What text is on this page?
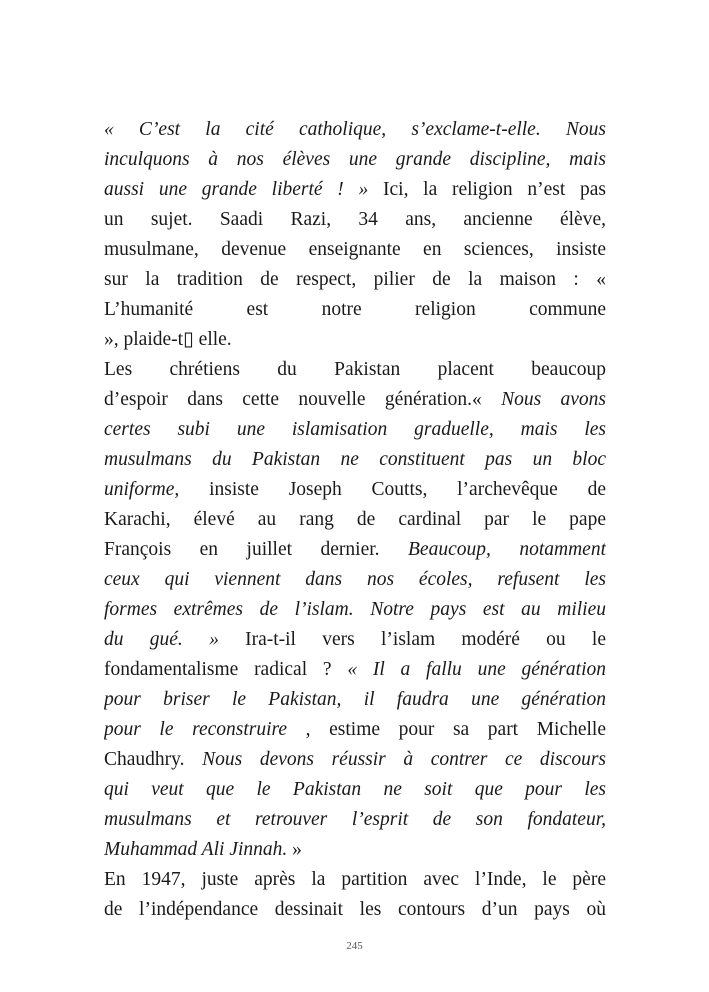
« C’est la cité catholique, s’exclame-t-elle. Nous
inculquons à nos élèves une grande discipline, mais
aussi une grande liberté ! » Ici, la religion n’est pas
un sujet. Saadi Razi, 34 ans, ancienne élève,
musulmane, devenue enseignante en sciences, insiste
sur la tradition de respect, pilier de la maison : «
L’humanité est notre religion commune
», plaide-t▯ elle.
Les chrétiens du Pakistan placent beaucoup
d’espoir dans cette nouvelle génération.« Nous avons
certes subi une islamisation graduelle, mais les
musulmans du Pakistan ne constituent pas un bloc
uniforme, insiste Joseph Coutts, l’archevêque de
Karachi, élevé au rang de cardinal par le pape
François en juillet dernier. Beaucoup, notamment
ceux qui viennent dans nos écoles, refusent les
formes extrêmes de l’islam. Notre pays est au milieu
du gué. » Ira-t-il vers l’islam modéré ou le
fondamentalisme radical ? « Il a fallu une génération
pour briser le Pakistan, il faudra une génération
pour le reconstruire , estime pour sa part Michelle
Chaudhry. Nous devons réussir à contrer ce discours
qui veut que le Pakistan ne soit que pour les
musulmans et retrouver l’esprit de son fondateur,
Muhammad Ali Jinnah. »
En 1947, juste après la partition avec l’Inde, le père
de l’indépendance dessinait les contours d’un pays où
245
